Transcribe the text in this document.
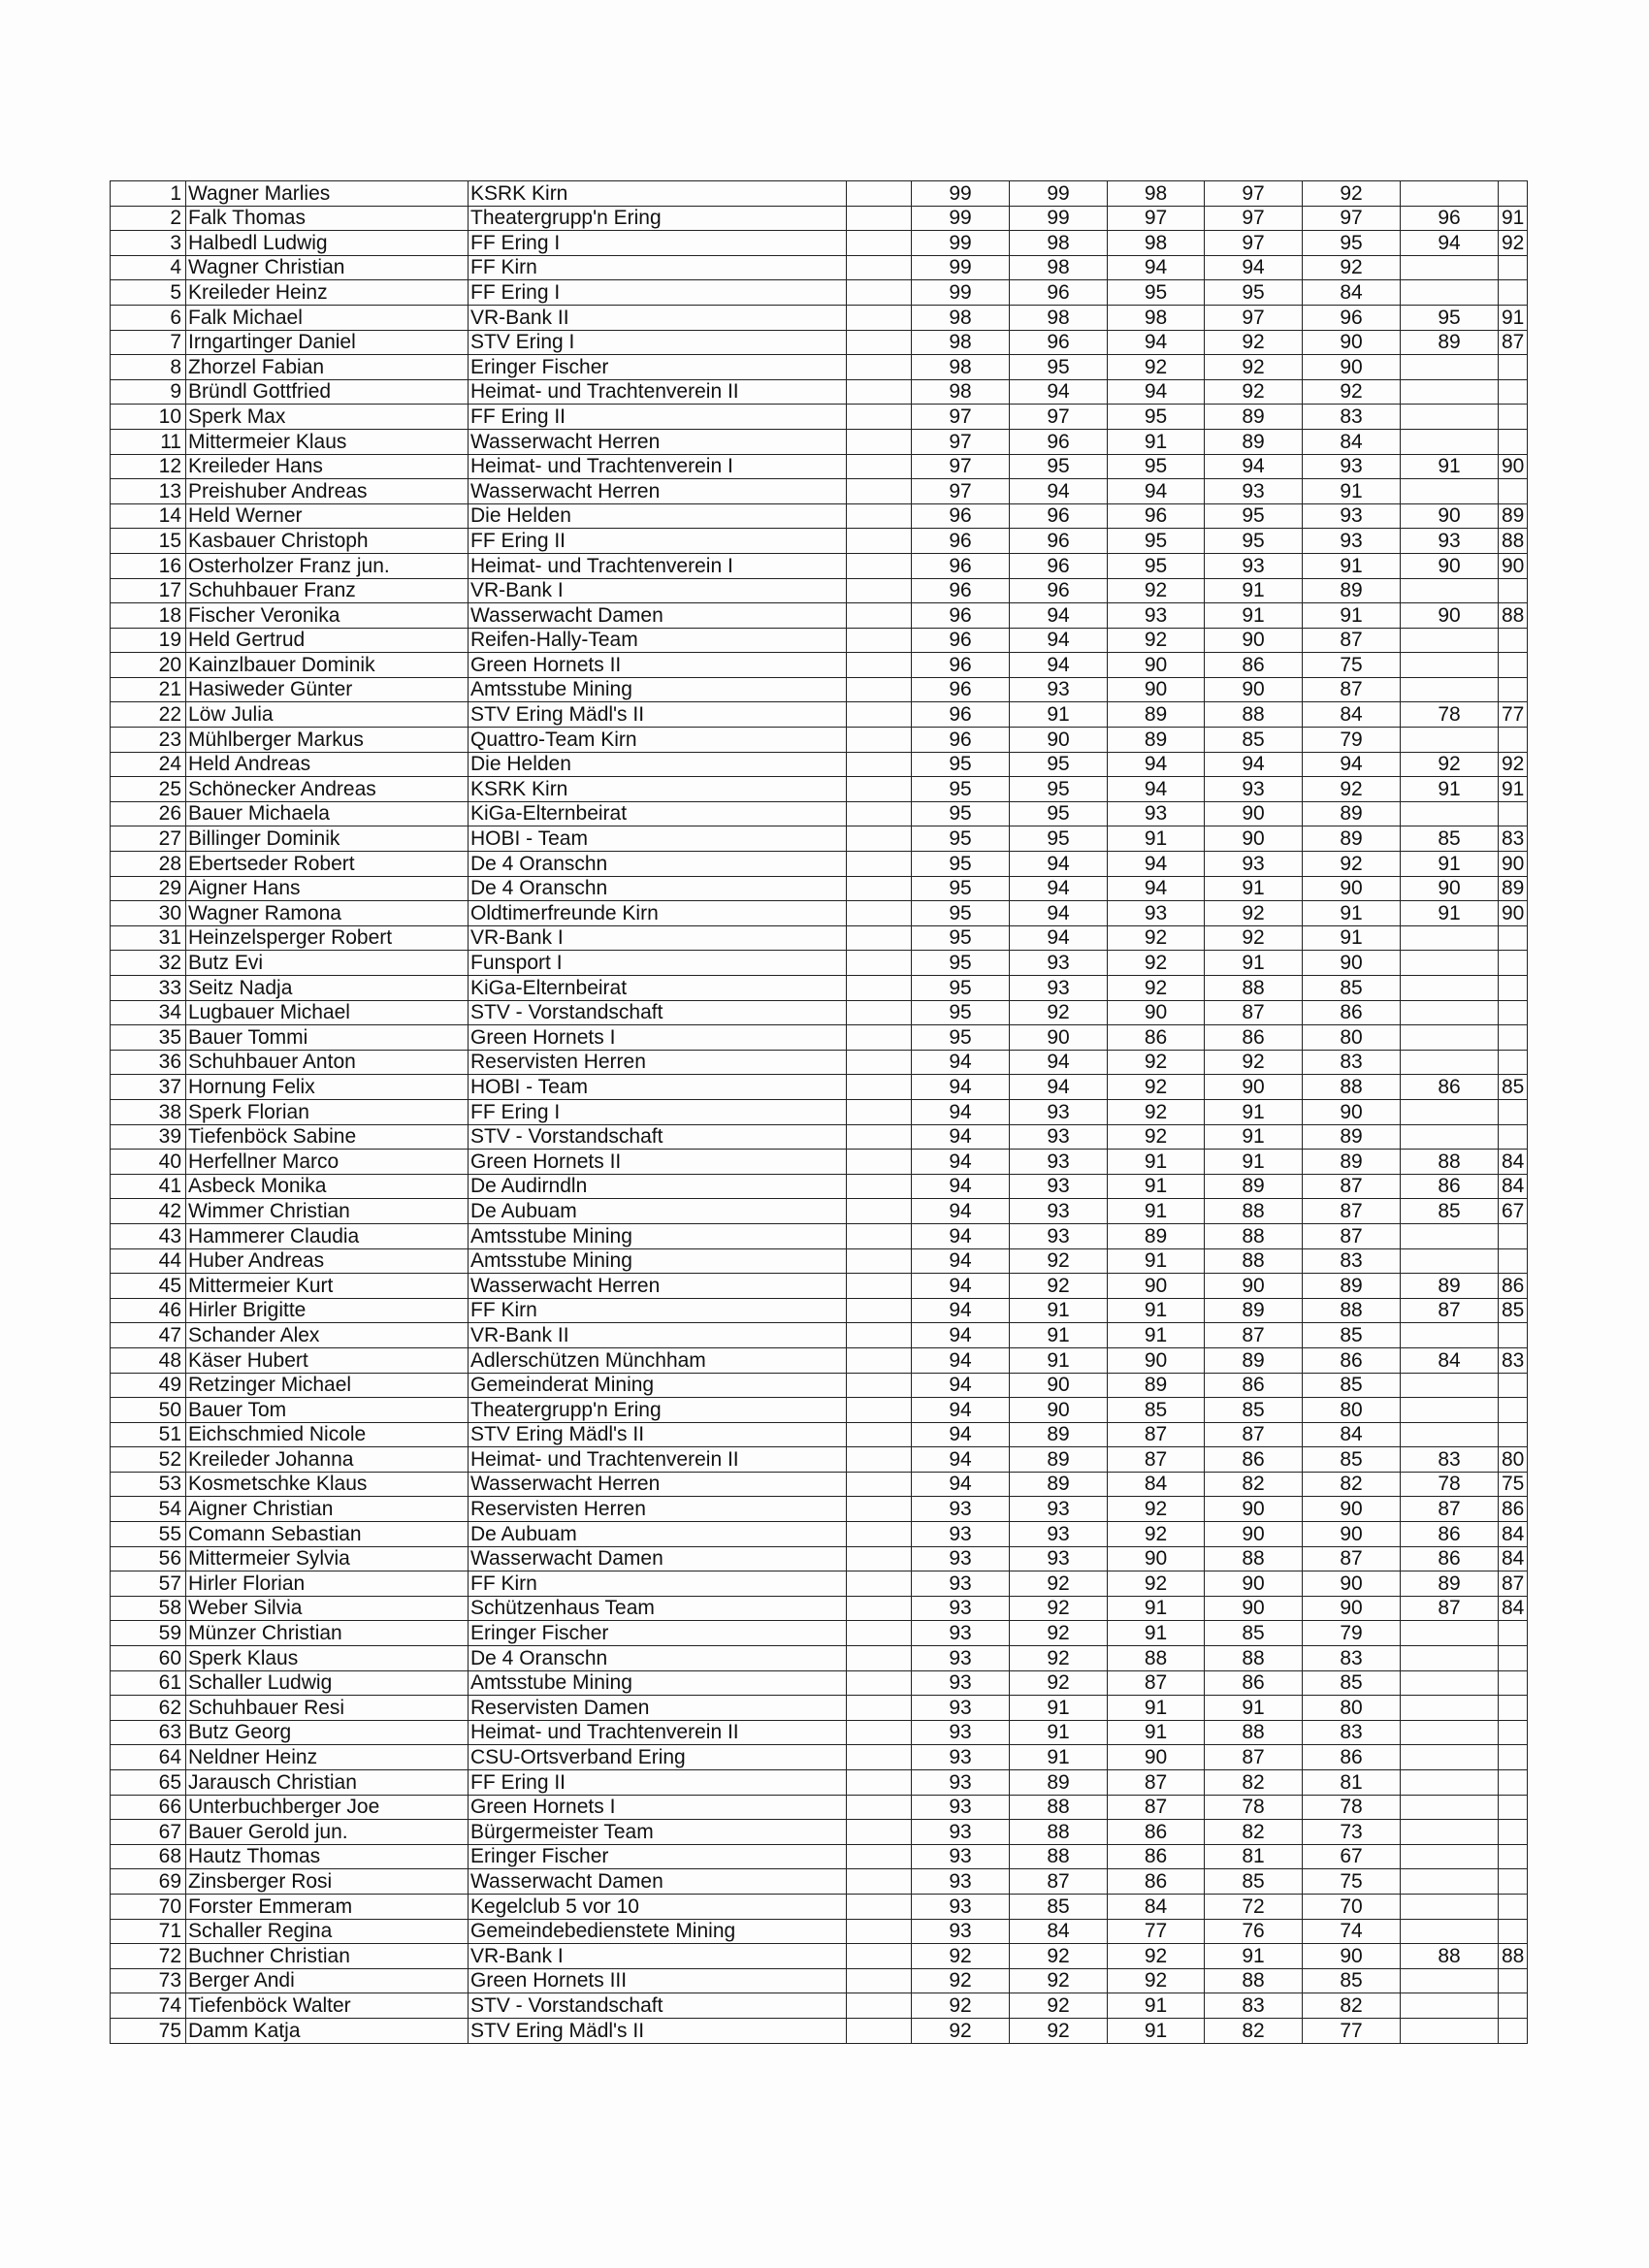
1	Wagner Marlies	KSRK Kirn		99	99	98	97	92		
2	Falk Thomas	Theatergrupp'n Ering		99	99	97	97	97	96	91
3	Halbedl Ludwig	FF Ering I		99	98	98	97	95	94	92
4	Wagner Christian	FF Kirn		99	98	94	94	92		
5	Kreileder Heinz	FF Ering I		99	96	95	95	84		
6	Falk Michael	VR-Bank II		98	98	98	97	96	95	91
7	Irngartinger Daniel	STV Ering I		98	96	94	92	90	89	87
8	Zhorzel Fabian	Eringer Fischer		98	95	92	92	90		
9	Bründl Gottfried	Heimat- und Trachtenverein II		98	94	94	92	92		
10	Sperk Max	FF Ering II		97	97	95	89	83		
11	Mittermeier Klaus	Wasserwacht Herren		97	96	91	89	84		
12	Kreileder Hans	Heimat- und Trachtenverein I		97	95	95	94	93	91	90
13	Preishuber Andreas	Wasserwacht Herren		97	94	94	93	91		
14	Held Werner	Die Helden		96	96	96	95	93	90	89
15	Kasbauer Christoph	FF Ering II		96	96	95	95	93	93	88
16	Osterholzer Franz jun.	Heimat- und Trachtenverein I		96	96	95	93	91	90	90
17	Schuhbauer Franz	VR-Bank I		96	96	92	91	89		
18	Fischer Veronika	Wasserwacht Damen		96	94	93	91	91	90	88
19	Held Gertrud	Reifen-Hally-Team		96	94	92	90	87		
20	Kainzlbauer Dominik	Green Hornets II		96	94	90	86	75		
21	Hasiweder Günter	Amtsstube Mining		96	93	90	90	87		
22	Löw Julia	STV Ering Mädl's II		96	91	89	88	84	78	77
23	Mühlberger Markus	Quattro-Team Kirn		96	90	89	85	79		
24	Held Andreas	Die Helden		95	95	94	94	94	92	92
25	Schönecker Andreas	KSRK Kirn		95	95	94	93	92	91	91
26	Bauer Michaela	KiGa-Elternbeirat		95	95	93	90	89		
27	Billinger Dominik	HOBI - Team		95	95	91	90	89	85	83
28	Ebertseder Robert	De 4 Oranschn		95	94	94	93	92	91	90
29	Aigner Hans	De 4 Oranschn		95	94	94	91	90	90	89
30	Wagner Ramona	Oldtimerfreunde Kirn		95	94	93	92	91	91	90
31	Heinzelsperger Robert	VR-Bank I		95	94	92	92	91		
32	Butz Evi	Funsport I		95	93	92	91	90		
33	Seitz Nadja	KiGa-Elternbeirat		95	93	92	88	85		
34	Lugbauer Michael	STV - Vorstandschaft		95	92	90	87	86		
35	Bauer Tommi	Green Hornets I		95	90	86	86	80		
36	Schuhbauer Anton	Reservisten Herren		94	94	92	92	83		
37	Hornung Felix	HOBI - Team		94	94	92	90	88	86	85
38	Sperk Florian	FF Ering I		94	93	92	91	90		
39	Tiefenböck Sabine	STV - Vorstandschaft		94	93	92	91	89		
40	Herfellner Marco	Green Hornets II		94	93	91	91	89	88	84
41	Asbeck Monika	De Audirndln		94	93	91	89	87	86	84
42	Wimmer Christian	De Aubuam		94	93	91	88	87	85	67
43	Hammerer Claudia	Amtsstube Mining		94	93	89	88	87		
44	Huber Andreas	Amtsstube Mining		94	92	91	88	83		
45	Mittermeier Kurt	Wasserwacht Herren		94	92	90	90	89	89	86
46	Hirler Brigitte	FF Kirn		94	91	91	89	88	87	85
47	Schander Alex	VR-Bank II		94	91	91	87	85		
48	Käser Hubert	Adlerschützen Münchham		94	91	90	89	86	84	83
49	Retzinger Michael	Gemeinderat Mining		94	90	89	86	85		
50	Bauer Tom	Theatergrupp'n Ering		94	90	85	85	80		
51	Eichschmied Nicole	STV Ering Mädl's II		94	89	87	87	84		
52	Kreileder Johanna	Heimat- und Trachtenverein II		94	89	87	86	85	83	80
53	Kosmetschke Klaus	Wasserwacht Herren		94	89	84	82	82	78	75
54	Aigner Christian	Reservisten Herren		93	93	92	90	90	87	86
55	Comann Sebastian	De Aubuam		93	93	92	90	90	86	84
56	Mittermeier Sylvia	Wasserwacht Damen		93	93	90	88	87	86	84
57	Hirler Florian	FF Kirn		93	92	92	90	90	89	87
58	Weber Silvia	Schützenhaus Team		93	92	91	90	90	87	84
59	Münzer Christian	Eringer Fischer		93	92	91	85	79		
60	Sperk Klaus	De 4 Oranschn		93	92	88	88	83		
61	Schaller Ludwig	Amtsstube Mining		93	92	87	86	85		
62	Schuhbauer Resi	Reservisten Damen		93	91	91	91	80		
63	Butz Georg	Heimat- und Trachtenverein II		93	91	91	88	83		
64	Neldner Heinz	CSU-Ortsverband Ering		93	91	90	87	86		
65	Jarausch Christian	FF Ering II		93	89	87	82	81		
66	Unterbuchberger Joe	Green Hornets I		93	88	87	78	78		
67	Bauer Gerold jun.	Bürgermeister Team		93	88	86	82	73		
68	Hautz Thomas	Eringer Fischer		93	88	86	81	67		
69	Zinsberger Rosi	Wasserwacht Damen		93	87	86	85	75		
70	Forster Emmeram	Kegelclub 5 vor 10		93	85	84	72	70		
71	Schaller Regina	Gemeindebedienstete Mining		93	84	77	76	74		
72	Buchner Christian	VR-Bank I		92	92	92	91	90	88	88
73	Berger Andi	Green Hornets III		92	92	92	88	85		
74	Tiefenböck Walter	STV - Vorstandschaft		92	92	91	83	82		
75	Damm Katja	STV Ering Mädl's II		92	92	91	82	77		
